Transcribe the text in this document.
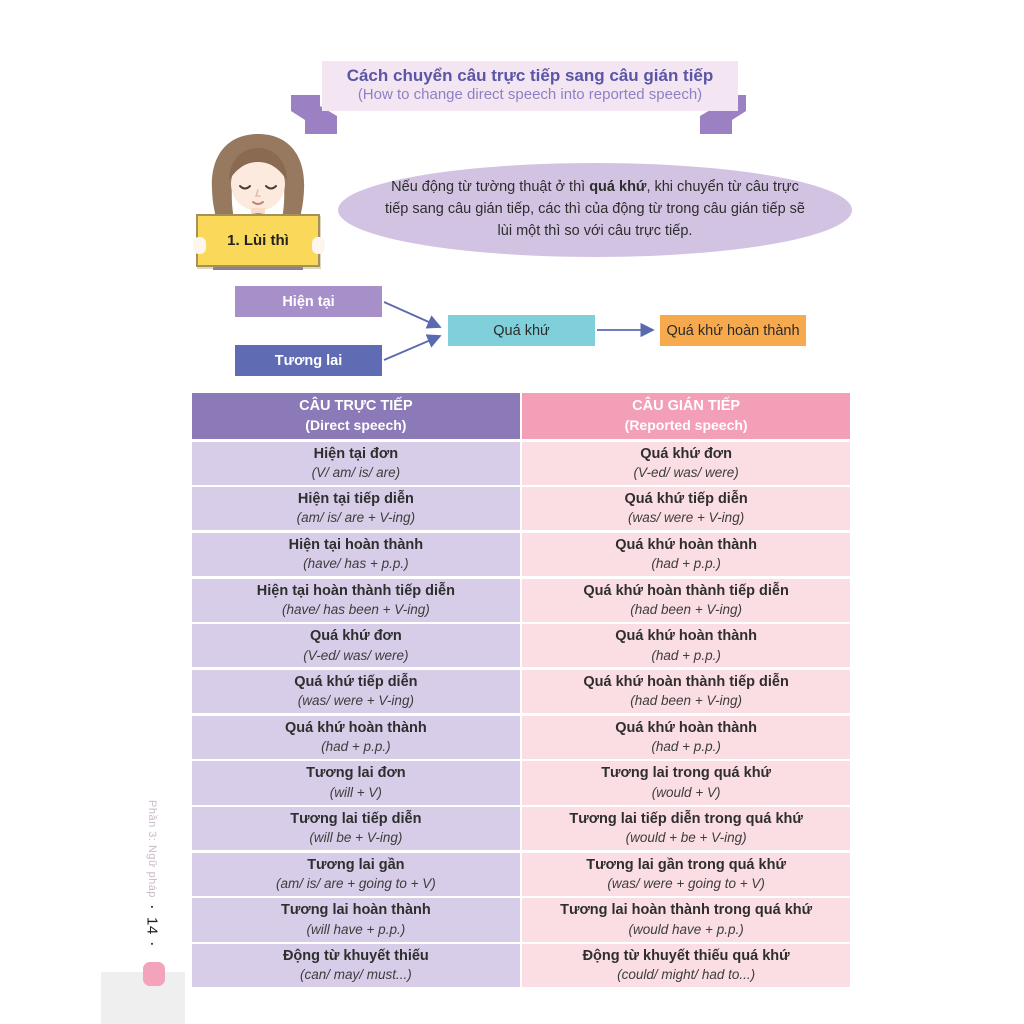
Cách chuyển câu trực tiếp sang câu gián tiếp
(How to change direct speech into reported speech)
1. Lùi thì
Nếu động từ tường thuật ở thì quá khứ, khi chuyển từ câu trực tiếp sang câu gián tiếp, các thì của động từ trong câu gián tiếp sẽ lùi một thì so với câu trực tiếp.
Hiện tại
Tương lai
Quá khứ	Quá khứ hoàn thành
CÂU TRỰC TIẾP
(Direct speech)
CÂU GIÁN TIẾP
(Reported speech)
Hiện tại đơn
(V/ am/ is/ are)
Quá khứ đơn
(V-ed/ was/ were)
Hiện tại tiếp diễn
(am/ is/ are + V-ing)
Quá khứ tiếp diễn
(was/ were + V-ing)
Hiện tại hoàn thành
(have/ has + p.p.)
Quá khứ hoàn thành
(had + p.p.)
Hiện tại hoàn thành tiếp diễn
(have/ has been + V-ing)
Quá khứ hoàn thành tiếp diễn
(had been + V-ing)
Quá khứ đơn
(V-ed/ was/ were)
Quá khứ hoàn thành
(had + p.p.)
Quá khứ tiếp diễn
(was/ were + V-ing)
Quá khứ hoàn thành tiếp diễn
(had been + V-ing)
Quá khứ hoàn thành
(had + p.p.)
Quá khứ hoàn thành
(had + p.p.)
Tương lai đơn
(will + V)
Tương lai trong quá khứ
(would + V)
Tương lai tiếp diễn
(will be + V-ing)
Tương lai tiếp diễn trong quá khứ
(would + be + V-ing)
Tương lai gần
(am/ is/ are + going to + V)
Tương lai gần trong quá khứ
(was/ were + going to + V)
Tương lai hoàn thành
(will have + p.p.)
Tương lai hoàn thành trong quá khứ
(would have + p.p.)
Động từ khuyết thiếu
(can/ may/ must...)
Động từ khuyết thiếu quá khứ
(could/ might/ had to...)
Phần 3: Ngữ pháp
▪
14
▪
